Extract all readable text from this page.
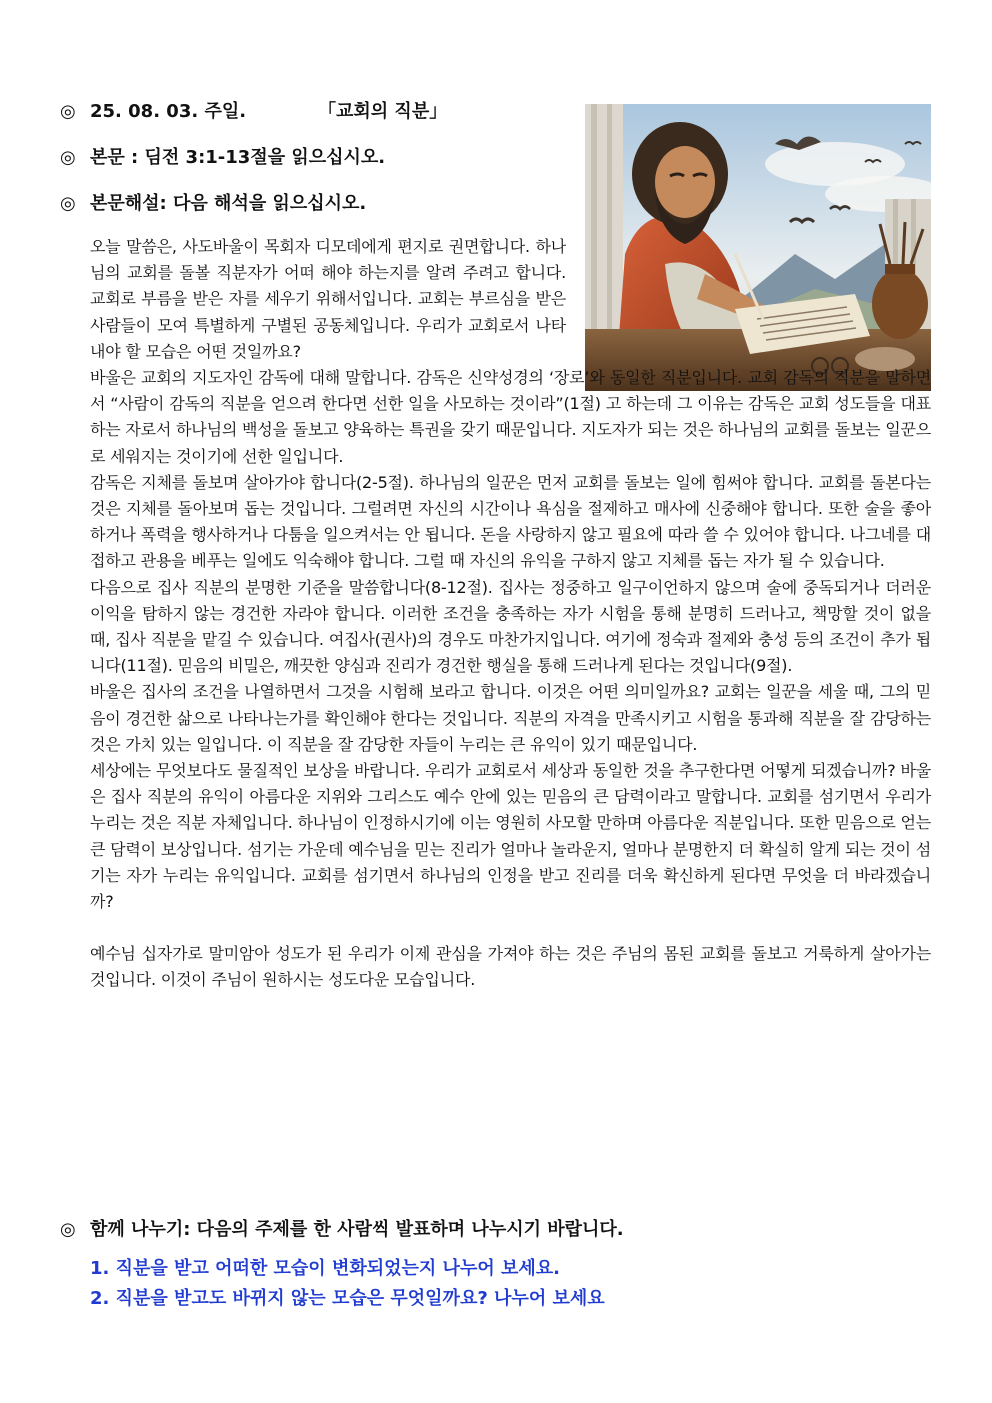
◎ 25. 08. 03. 주일.	「교회의 직분」
◎ 본문 : 딤전 3:1-13절을 읽으십시오.
◎ 본문해설: 다음 해석을 읽으십시오.

오늘 말씀은, 사도바울이 목회자 디모데에게 편지로 권면합니다. 하나님의 교회를 돌볼 직분자가 어떠 해야 하는지를 알려 주려고 합니다. 교회로 부름을 받은 자를 세우기 위해서입니다. 교회는 부르심을 받은 사람들이 모여 특별하게 구별된 공동체입니다. 우리가 교회로서 나타내야 할 모습은 어떤 것일까요?

바울은 교회의 지도자인 감독에 대해 말합니다. 감독은 신약성경의 ‘장로’와 동일한 직분입니다. 교회 감독의 직분을 말하면서 “사람이 감독의 직분을 얻으려 한다면 선한 일을 사모하는 것이라”(1절) 고 하는데 그 이유는 감독은 교회 성도들을 대표하는 자로서 하나님의 백성을 돌보고 양육하는 특권을 갖기 때문입니다. 지도자가 되는 것은 하나님의 교회를 돌보는 일꾼으로 세워지는 것이기에 선한 일입니다.

감독은 지체를 돌보며 살아가야 합니다(2-5절). 하나님의 일꾼은 먼저 교회를 돌보는 일에 힘써야 합니다. 교회를 돌본다는 것은 지체를 돌아보며 돕는 것입니다. 그럴려면 자신의 시간이나 욕심을 절제하고 매사에 신중해야 합니다. 또한 술을 좋아하거나 폭력을 행사하거나 다툼을 일으켜서는 안 됩니다. 돈을 사랑하지 않고 필요에 따라 쓸 수 있어야 합니다. 나그네를 대접하고 관용을 베푸는 일에도 익숙해야 합니다. 그럴 때 자신의 유익을 구하지 않고 지체를 돕는 자가 될 수 있습니다.

다음으로 집사 직분의 분명한 기준을 말씀합니다(8-12절). 집사는 정중하고 일구이언하지 않으며 술에 중독되거나 더러운 이익을 탐하지 않는 경건한 자라야 합니다. 이러한 조건을 충족하는 자가 시험을 통해 분명히 드러나고, 책망할 것이 없을 때, 집사 직분을 맡길 수 있습니다. 여집사(권사)의 경우도 마찬가지입니다. 여기에 정숙과 절제와 충성 등의 조건이 추가 됩니다(11절). 믿음의 비밀은, 깨끗한 양심과 진리가 경건한 행실을 통해 드러나게 된다는 것입니다(9절).

바울은 집사의 조건을 나열하면서 그것을 시험해 보라고 합니다. 이것은 어떤 의미일까요? 교회는 일꾼을 세울 때, 그의 믿음이 경건한 삶으로 나타나는가를 확인해야 한다는 것입니다. 직분의 자격을 만족시키고 시험을 통과해 직분을 잘 감당하는 것은 가치 있는 일입니다. 이 직분을 잘 감당한 자들이 누리는 큰 유익이 있기 때문입니다.

세상에는 무엇보다도 물질적인 보상을 바랍니다. 우리가 교회로서 세상과 동일한 것을 추구한다면 어떻게 되겠습니까? 바울은 집사 직분의 유익이 아름다운 지위와 그리스도 예수 안에 있는 믿음의 큰 담력이라고 말합니다. 교회를 섬기면서 우리가 누리는 것은 직분 자체입니다. 하나님이 인정하시기에 이는 영원히 사모할 만하며 아름다운 직분입니다. 또한 믿음으로 얻는 큰 담력이 보상입니다. 섬기는 가운데 예수님을 믿는 진리가 얼마나 놀라운지, 얼마나 분명한지 더 확실히 알게 되는 것이 섬기는 자가 누리는 유익입니다. 교회를 섬기면서 하나님의 인정을 받고 진리를 더욱 확신하게 된다면 무엇을 더 바라겠습니까?

예수님 십자가로 말미암아 성도가 된 우리가 이제 관심을 가져야 하는 것은 주님의 몸된 교회를 돌보고 거룩하게 살아가는 것입니다. 이것이 주님이 원하시는 성도다운 모습입니다.

◎ 함께 나누기: 다음의 주제를 한 사람씩 발표하며 나누시기 바랍니다.
1. 직분을 받고 어떠한 모습이 변화되었는지 나누어 보세요.
2. 직분을 받고도 바뀌지 않는 모습은 무엇일까요? 나누어 보세요
